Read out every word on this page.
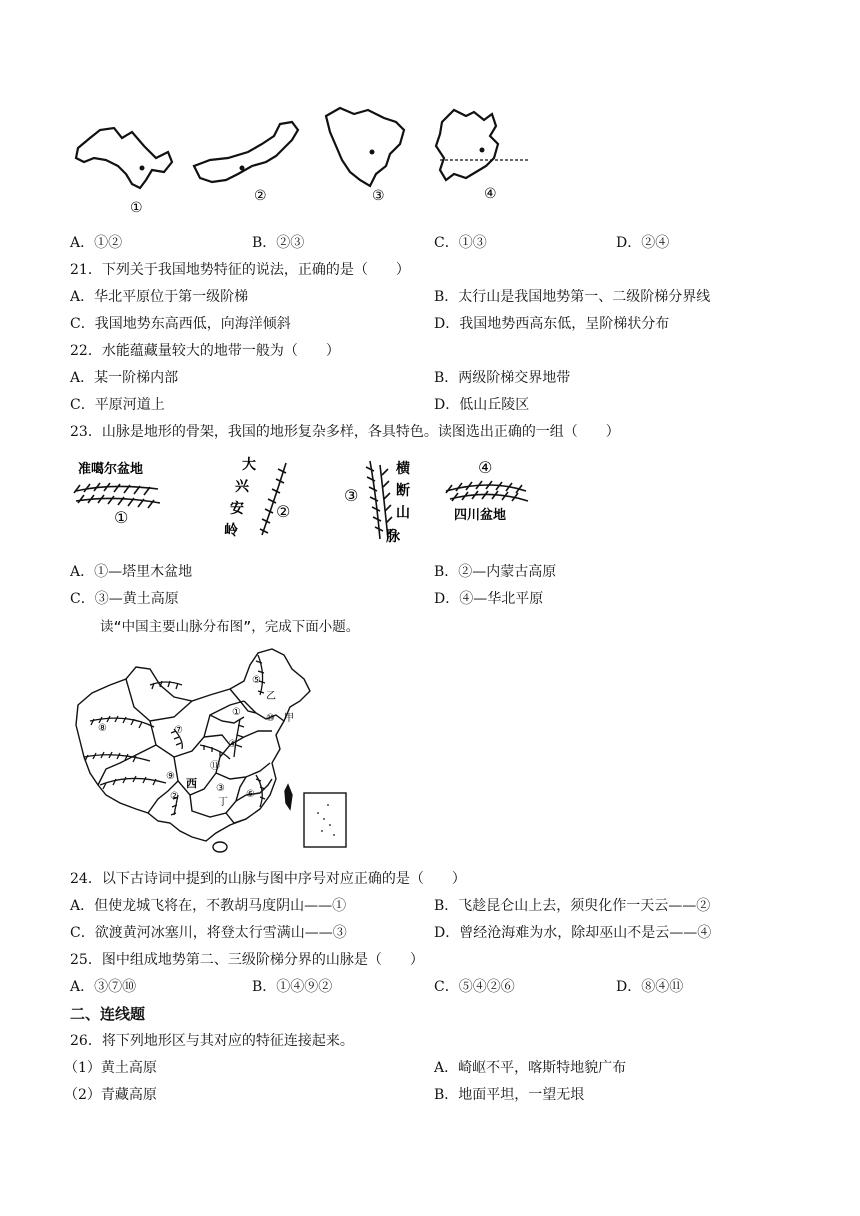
①
②	③	④
A．①②	B．②③	C．①③	D．②④
21．下列关于我国地势特征的说法，正确的是（　　）
A．华北平原位于第一级阶梯	B．太行山是我国地势第一、二级阶梯分界线
C．我国地势东高西低，向海洋倾斜	D．我国地势西高东低，呈阶梯状分布
22．水能蕴藏量较大的地带一般为（　　）
A．某一阶梯内部	B．两级阶梯交界地带
C．平原河道上	D．低山丘陵区
23．山脉是地形的骨架，我国的地形复杂多样，各具特色。读图选出正确的一组（　　）
准噶尔盆地
①
大
兴
安
岭
②
③
横
断
山
脉
④
四川盆地
A．①—塔里木盆地	B．②—内蒙古高原
C．③—黄土高原	D．④—华北平原
读“中国主要山脉分布图”，完成下面小题。
①
②
③
④
⑤
⑥
⑦
⑧
⑨
⑩
⑪
乙
甲
西
丁
24．以下古诗词中提到的山脉与图中序号对应正确的是（　　）
A．但使龙城飞将在，不教胡马度阴山——①	B．飞趁昆仑山上去，须臾化作一天云——②
C．欲渡黄河冰塞川，将登太行雪满山——③	D．曾经沧海难为水，除却巫山不是云——④
25．图中组成地势第二、三级阶梯分界的山脉是（　　）
A．③⑦⑩	B．①④⑨②	C．⑤④②⑥	D．⑧④⑪
二、连线题
26．将下列地形区与其对应的特征连接起来。
（1）黄土高原	A．崎岖不平，喀斯特地貌广布
（2）青藏高原	B．地面平坦，一望无垠
